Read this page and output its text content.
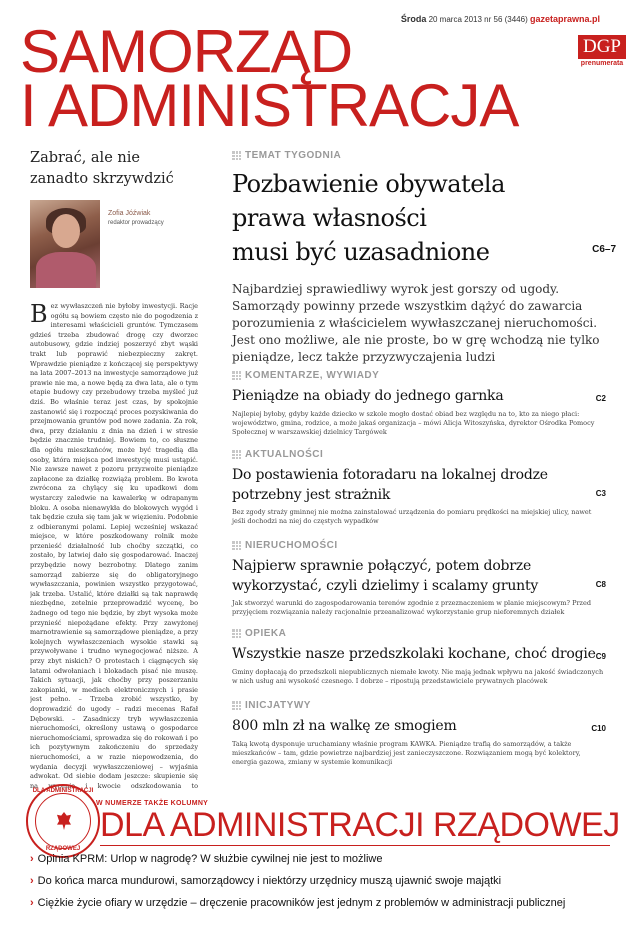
Środa 20 marca 2013 nr 56 (3446) gazetaprawna.pl
SAMORZĄD
I ADMINISTRACJA
DGP
prenumerata
Zabrać, ale nie zanadto skrzywdzić
Zofia Jóźwiak
redaktor prowadzący
B ez wywłaszczeń nie byłoby inwestycji. Racje ogółu są bowiem często nie do pogodzenia z interesami właścicieli gruntów. Tymczasem gdzieś trzeba zbudować drogę czy dworzec autobusowy, gdzie indziej poszerzyć zbyt wąski trakt lub poprawić niebezpieczny zakręt. Wprawdzie pieniądze z kończącej się perspektywy na lata 2007–2013 na inwestycje samorządowe już prawie nie ma, a nowe będą za dwa lata, ale o tym etapie budowy czy przebudowy trzeba myśleć już dziś. Bo właśnie teraz jest czas, by spokojnie zastanowić się i rozpocząć proces pozyskiwania do przejmowania gruntów pod nowe zadania. Za rok, dwa, przy działaniu z dnia na dzień i w stresie będzie znacznie trudniej. Bowiem to, co słuszne dla ogółu mieszkańców, może być tragedią dla osoby, która miejsca pod inwestycję musi ustąpić. Nie zawsze nawet z pozoru przyzwoite pieniądze zapłacone za działkę rozwiążą problem. Bo kwota zwrócona za chylący się ku upadkowi dom wystarczy zaledwie na kawalerkę w odrapanym bloku. A osoba nienawykła do blokowych wygód i tak będzie czuła się tam jak w więzieniu. Podobnie z odbieranymi polami. Lepiej wcześniej wskazać miejsce, w które poszkodowany rolnik może przenieść działalność lub choćby szczątki, co zostało, by latwiej dało się gospodarować. Inaczej przybędzie nowy bezrobotny. Dlatego zanim samorząd zabierze się do obligatoryjnego wywłaszczania, powinien wszystko przygotować, jak trzeba. Ustalić, które działki są tak naprawdę niezbędne, zetelnie przeprowadzić wycenę, bo żadnego od tego nie będzie, by zbyt wysoka może przynieść niepożądane efekty. Przy zawyżonej marnotrawienie są samorządowe pieniądze, a przy kolejnych wywłaszczeniach wysokie stawki są przywoływane i trudno wynegocjować niższe. A przy zbyt niskich? O protestach i ciągnących się latami odwołaniach i blokadach pisać nie muszę. Takich sytuacji, jak choćby przy poszerzaniu zakopianki, w mediach elektronicznych i prasie jest pełno. – Trzeba zrobić wszystko, by doprowadzić do ugody – radzi mecenas Rafał Dębowski. – Zasadniczy tryb wywłaszczenia nieruchomości, określony ustawą o gospodarce nieruchomościami, sprowadza się do rokowań i po ich pozytywnym zakończeniu do sprzedaży nieruchomości, a w razie niepowodzenia, do wydania decyzji wywłaszczeniowej – wyjaśnia adwokat. Od siebie dodam jeszcze: skupienie się na wycenie i kwocie odszkodowania to
TEMAT TYGODNIA
Pozbawienie obywatela
prawa własności
musi być uzasadnione
Najbardziej sprawiedliwy wyrok jest gorszy od ugody. Samorządy powinny przede wszystkim dążyć do zawarcia porozumienia z właścicielem wywłaszczanej nieruchomości. Jest ono możliwe, ale nie proste, bo w grę wchodzą nie tylko pieniądze, lecz także przyzwyczajenia ludzi
C6–7
KOMENTARZE, WYWIADY
Pieniądze na obiady do jednego garnka	C2
Najlepiej byłoby, gdyby każde dziecko w szkole mogło dostać obiad bez względu na to, kto za niego płaci: województwo, gmina, rodzice, a może jakaś organizacja – mówi Alicja Witoszyńska, dyrektor Ośrodka Pomocy Społecznej w warszawskiej dzielnicy Targówek
AKTUALNOŚCI
Do postawienia fotoradaru na lokalnej drodze potrzebny jest strażnik	C3
Bez zgody straży gminnej nie można zainstalować urządzenia do pomiaru prędkości na miejskiej ulicy, nawet jeśli dochodzi na niej do częstych wypadków
NIERUCHOMOŚCI
Najpierw sprawnie połączyć, potem dobrze wykorzystać, czyli dzielimy i scalamy grunty	C8
Jak stworzyć warunki do zagospodarowania terenów zgodnie z przeznaczeniem w planie miejscowym? Przed przyjęciem rozwiązania należy racjonalnie przeanalizować wykorzystanie grup nieforemnych działek
OPIEKA
Wszystkie nasze przedszkolaki kochane, choć drogie C9
Gminy dopłacają do przedszkoli niepublicznych niemałe kwoty. Nie mają jednak wpływu na jakość świadczonych w nich usług ani wysokość czesnego. I dobrze – ripostują przedstawiciele prywatnych placówek
INICJATYWY
800 mln zł na walkę ze smogiem	C10
Taką kwotą dysponuje uruchamiany właśnie program KAWKA. Pieniądze trafią do samorządów, a także mieszkańców – tam, gdzie powietrze najbardziej jest zanieczyszczone. Rozwiązaniem mogą być kolektory, energia gazowa, zmiany w systemie komunikacji
DLA ADMINISTRACJI
RZĄDOWEJ
W NUMERZE TAKŻE KOLUMNY
DLA ADMINISTRACJI RZĄDOWEJ
› Opinia KPRM: Urlop w nagrodę? W służbie cywilnej nie jest to możliwe
› Do końca marca mundurowi, samorządowcy i niektórzy urzędnicy muszą ujawnić swoje majątki
› Ciężkie życie ofiary w urzędzie – dręczenie pracowników jest jednym z problemów w administracji publicznej
